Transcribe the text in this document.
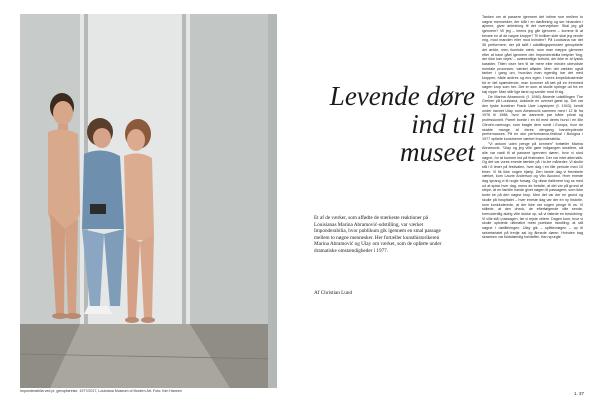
Imponderabilia ved pr. genopførelse, 1977/2017, Louisiana Museum of Modern Art. Foto: Kim Hansen
Levende døre
ind til
museet
Et af de værker, som affødte de stærkeste reaktioner på Louisianas Marina Abramović-udstilling, var værket Imponderabilia, hvor publikum gik igennem en smal passage mellem to nøgne mennesker. Her fortæller kunsthistorikeren Marina Abramović og Ulay om værket, som de opførte under dramatiske omstændigheder i 1977.
Af Christian Lund

Tanken om at passere igennem det intime rum mellem to nøgne mennesker, der står i en døråbning og ser hinanden i øjnene, giver anledning til det overvejelser: Skal jeg gå igennem? Vil jeg – imens jeg går igennem – komme til at berøre en af de nøgne kroppe? Til hvilken side skal jeg vende mig, mod manden eller mod kvinden? På Louisiana var det 36 performere, der på skift i udstillingsperioden genopførte det ønkle, men ikoniske værk, som man næppe glemmer efter at have gået igennem det. Imponderabilia betyder ’ting, der ikke kan vejes’ – uvæsentlige forhold, der ikke er af fysisk karakter. Titlen viser hen til de mere eller mindre ubevidste mentale processer, værket afføder. Men det vækker også tanker i gang om, hvordan man egentlig har det med kroppen, både andres og ens egen. I vores kropsfokuserede tid er det spændende, man kommer så tæt på en fremmed nøgen krop som her. Det er som at skulle springe ud fra en høj vippe: Man står lige først og samler mod til sig.

De Marina Abramović (f. 1946) åbnede udstillingen The Greiner på Louisiana, dukkede en overset gæst op. Det var den tyske kunstner Frank Uwe Laysiepen (f. 1943), kendt under navnet Ulay, som Abramović sammen med i 12 år fra 1976 til 1988, hvor de dannede par både privat og professionelt. Parret boede i en bil med deres hund i en lille Citroën-varevogn, som bragte dem rundt i Europa, hvor de skabte mange af deres dengang banebrydende performances. På en stor performance-festival i Bologna i 1977 opførte kunstnerne værket Imponderabilia.

”Vi ankom uden penge på lommen” fortæller Marina Abramović. ”Ulay og jeg ville gøre indgangen smallere, så alle var nødt til at passere igennem døren, hvor vi stod nøgne, for at komme ind på festivalen. Der var intet alternativ. Og det var vores eneste tænkte på i to-tre måneder: Vi skulle stå i 6 timer på festivalen, hver dag i en lille periode med 10 timer. Vi fik ikke nogen hjælp. Den første dag vi fremførte værket, kom Laurie Anderson og Vito Acconci. Hver eneste dag sprang vi til nogle forsøg. Og disse italienere tog os med ud at spise hver dag, mens de fortalte, at det var på grund af stripe, at en familie havde givet nøgen til passagere, som ikke turde se på den nøgne krop. Men det var der en grund og skulle på hospitalet – hver eneste dag var der en ny historie, som konkluderede, at der ikke var nogen penge til os. Vi stillede, at den check, de efterfølgende ville sende, formodentlig aldrig ville dukke op, så vi fattede en beslutning: Vi ville stå i passagen, før vi rejste videre. Dagen kom, hvor vi skulle optræde ultimativt mest poetiske handling: at stå nøgne i døråbningen. Ulay gik – splitternøgen – op til sekretariatet på tredje sal og åbnede døren. Hvinden bag skranken var fuldstændig forbløffet. Han spurgte

1. 37
